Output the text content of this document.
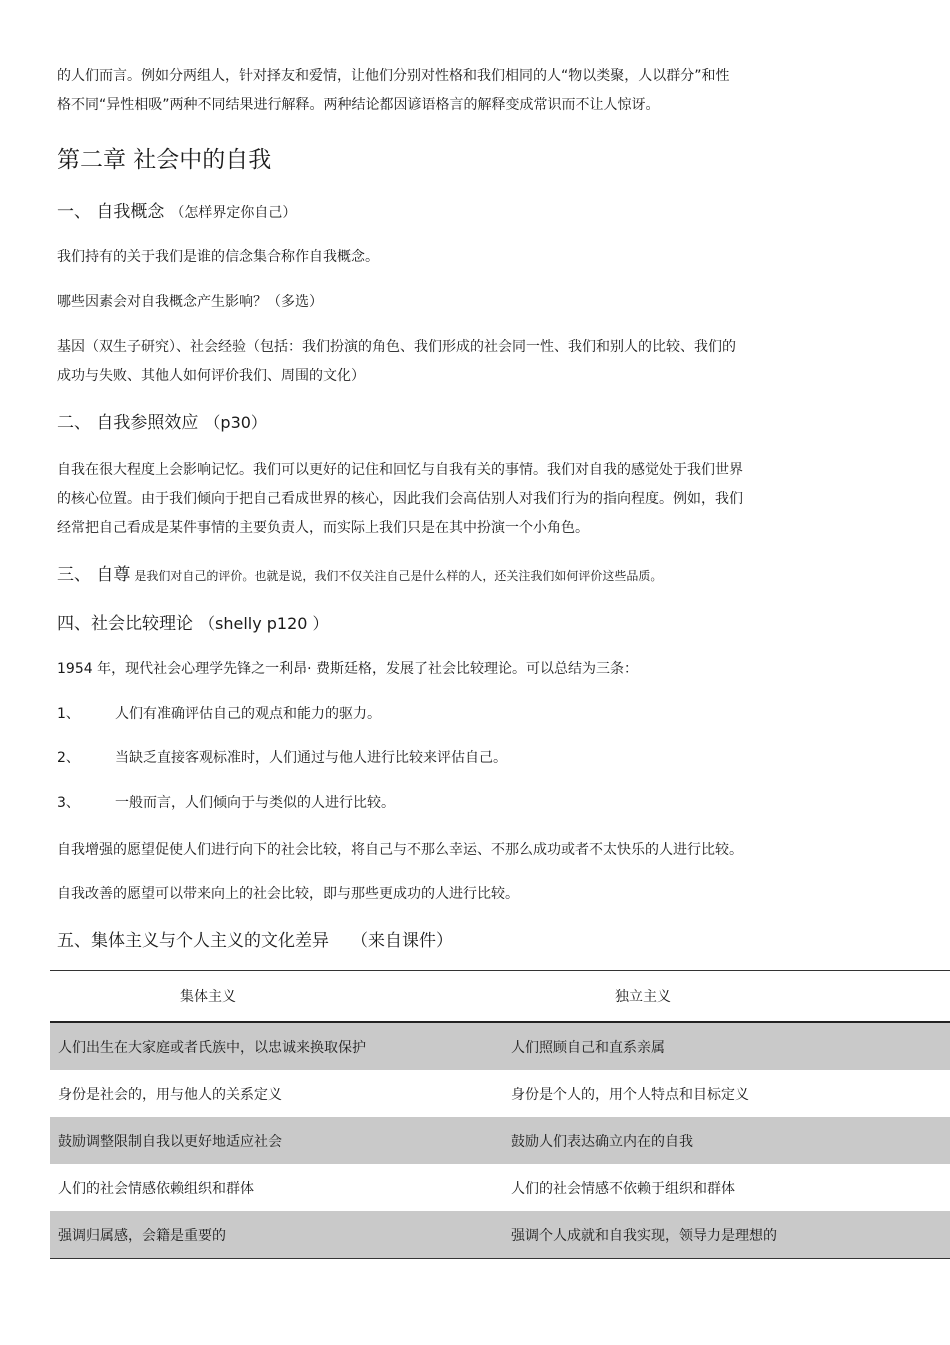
的人们而言。例如分两组人，针对择友和爱情，让他们分别对性格和我们相同的人“物以类聚，人以群分”和性

格不同“异性相吸”两种不同结果进行解释。两种结论都因谚语格言的解释变成常识而不让人惊讶。

第二章 社会中的自我
一、 自我概念 （怎样界定你自己）

我们持有的关于我们是谁的信念集合称作自我概念。

哪些因素会对自我概念产生影响？（多选）

基因（双生子研究）、社会经验（包括：我们扮演的角色、我们形成的社会同一性、我们和别人的比较、我们的

成功与失败、其他人如何评价我们、周围的文化）

二、 自我参照效应 （p30）

自我在很大程度上会影响记忆。我们可以更好的记住和回忆与自我有关的事情。我们对自我的感觉处于我们世界

的核心位置。由于我们倾向于把自己看成世界的核心，因此我们会高估别人对我们行为的指向程度。例如，我们

经常把自己看成是某件事情的主要负责人，而实际上我们只是在其中扮演一个小角色。

三、 自尊 是我们对自己的评价。也就是说，我们不仅关注自己是什么样的人，还关注我们如何评价这些品质。
四、社会比较理论 （shelly p120 ）

1954 年，现代社会心理学先锋之一利昂· 费斯廷格，发展了社会比较理论。可以总结为三条：

1、	人们有准确评估自己的观点和能力的驱力。

2、	当缺乏直接客观标准时，人们通过与他人进行比较来评估自己。

3、	一般而言，人们倾向于与类似的人进行比较。

自我增强的愿望促使人们进行向下的社会比较，将自己与不那么幸运、不那么成功或者不太快乐的人进行比较。

自我改善的愿望可以带来向上的社会比较，即与那些更成功的人进行比较。

五、集体主义与个人主义的文化差异 （来自课件）
集体主义	独立主义
人们出生在大家庭或者氏族中，以忠诚来换取保护	人们照顾自己和直系亲属
身份是社会的，用与他人的关系定义	身份是个人的，用个人特点和目标定义
鼓励调整限制自我以更好地适应社会	鼓励人们表达确立内在的自我
人们的社会情感依赖组织和群体	人们的社会情感不依赖于组织和群体
强调归属感，会籍是重要的	强调个人成就和自我实现，领导力是理想的
